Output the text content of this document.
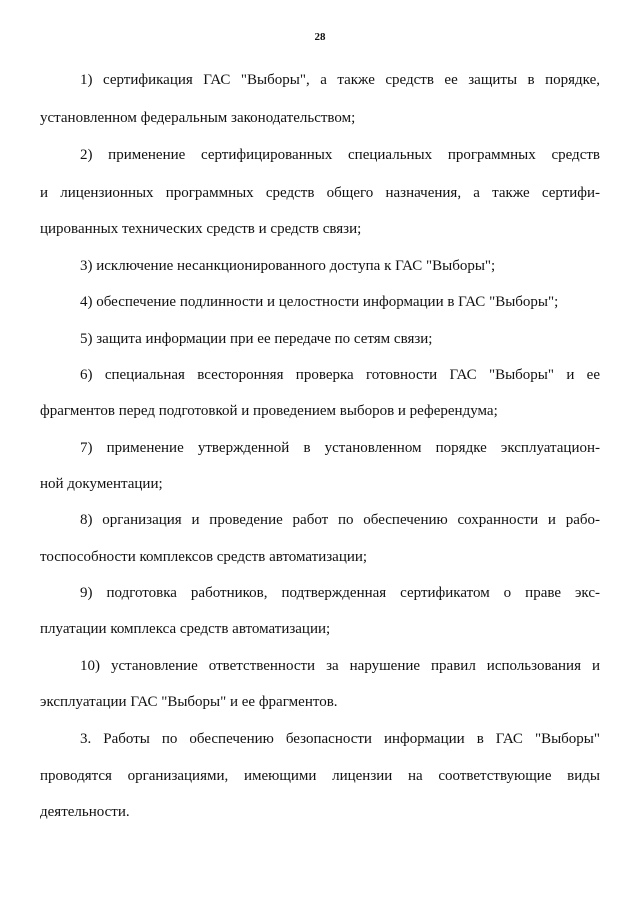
28
1) сертификация ГАС "Выборы", а также средств ее защиты в порядке,
установленном федеральным законодательством;
2) применение сертифицированных специальных программных средств
и лицензионных программных средств общего назначения, а также сертифи-
цированных технических средств и средств связи;
3) исключение несанкционированного доступа к ГАС "Выборы";
4) обеспечение подлинности и целостности информации в ГАС "Выборы";
5) защита информации при ее передаче по сетям связи;
6) специальная всесторонняя проверка готовности ГАС "Выборы" и ее
фрагментов перед подготовкой и проведением выборов и референдума;
7) применение утвержденной в установленном порядке эксплуатацион-
ной документации;
8) организация и проведение работ по обеспечению сохранности и рабо-
тоспособности комплексов средств автоматизации;
9) подготовка работников, подтвержденная сертификатом о праве экс-
плуатации комплекса средств автоматизации;
10) установление ответственности за нарушение правил использования и
эксплуатации ГАС "Выборы" и ее фрагментов.
3. Работы по обеспечению безопасности информации в ГАС "Выборы"
проводятся организациями, имеющими лицензии на соответствующие виды
деятельности.
